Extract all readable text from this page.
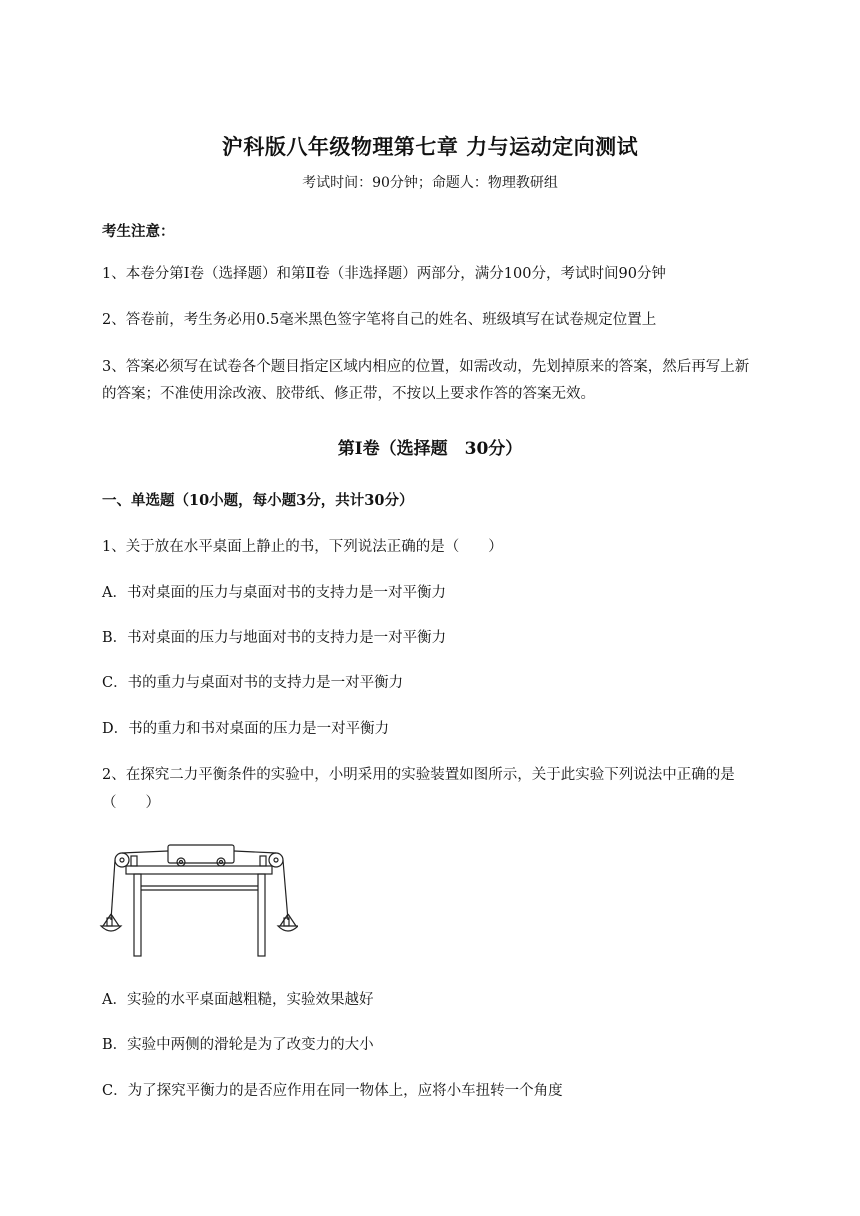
沪科版八年级物理第七章 力与运动定向测试
考试时间：90分钟；命题人：物理教研组
考生注意：
1、本卷分第Ⅰ卷（选择题）和第Ⅱ卷（非选择题）两部分，满分100分，考试时间90分钟
2、答卷前，考生务必用0.5毫米黑色签字笔将自己的姓名、班级填写在试卷规定位置上
3、答案必须写在试卷各个题目指定区域内相应的位置，如需改动，先划掉原来的答案，然后再写上新
的答案；不准使用涂改液、胶带纸、修正带，不按以上要求作答的答案无效。
第Ⅰ卷（选择题　30分）
一、单选题（10小题，每小题3分，共计30分）
1、关于放在水平桌面上静止的书，下列说法正确的是（　　）
A．书对桌面的压力与桌面对书的支持力是一对平衡力
B．书对桌面的压力与地面对书的支持力是一对平衡力
C．书的重力与桌面对书的支持力是一对平衡力
D．书的重力和书对桌面的压力是一对平衡力
2、在探究二力平衡条件的实验中，小明采用的实验装置如图所示，关于此实验下列说法中正确的是
（　　）
A．实验的水平桌面越粗糙，实验效果越好
B．实验中两侧的滑轮是为了改变力的大小
C．为了探究平衡力的是否应作用在同一物体上，应将小车扭转一个角度
